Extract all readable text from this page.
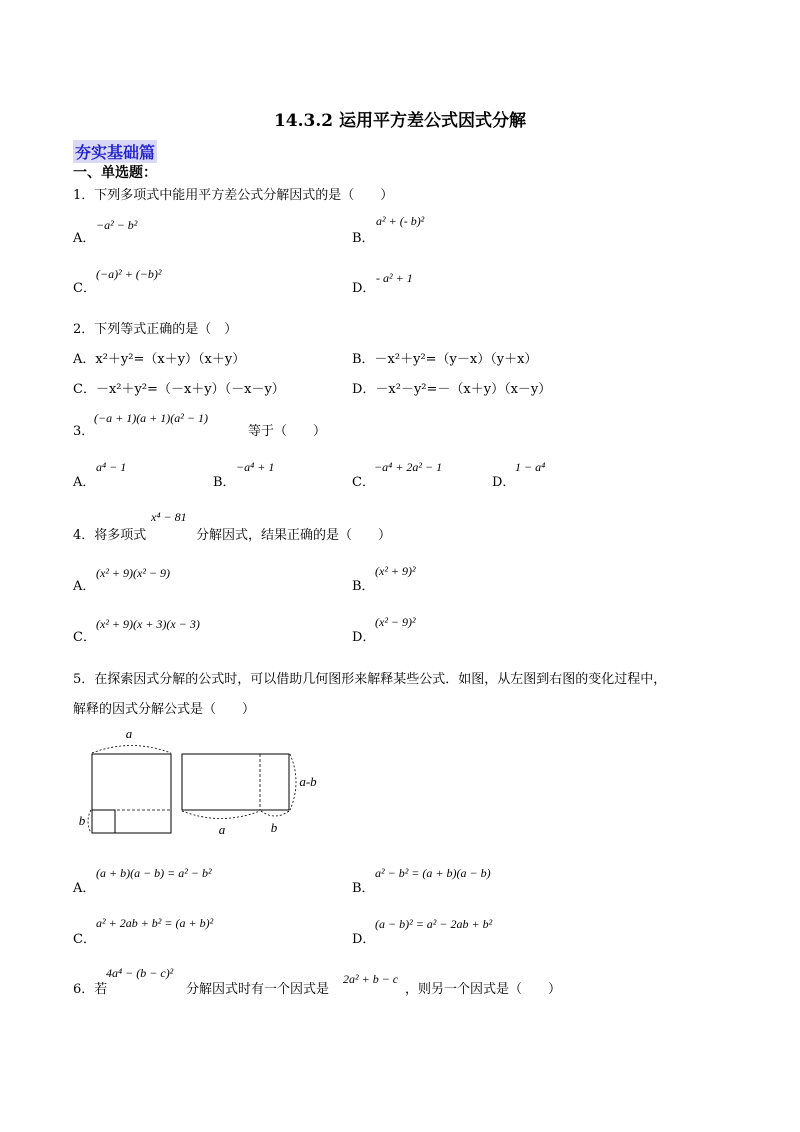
14.3.2 运用平方差公式因式分解
夯实基础篇
一、单选题：
1．下列多项式中能用平方差公式分解因式的是（　　）
A．
−a² − b²
B．
a² + (- b)²
C．
(−a)² + (−b)²
D．
- a² + 1
2．下列等式正确的是（　）
A．x²＋y²=（x＋y）（x＋y）	B．－x²＋y²=（y－x）（y＋x）
C．－x²＋y²=（－x＋y）（－x－y）	D．－x²－y²=－（x＋y）（x－y）
3．
(−a + 1)(a + 1)(a² − 1)
等于（　　）
A．
a⁴ − 1
B．
−a⁴ + 1
C．
−a⁴ + 2a² − 1
D．
1 − a⁴
4．将多项式
x⁴ − 81
分解因式，结果正确的是（　　）
A．
(x² + 9)(x² − 9)
B．
(x² + 9)²
C．
(x² + 9)(x + 3)(x − 3)
D．
(x² − 9)²
5．在探索因式分解的公式时，可以借助几何图形来解释某些公式．如图，从左图到右图的变化过程中，
解释的因式分解公式是（　　）
a
b
a-b
a	b
A．
(a + b)(a − b) = a² − b²
B．
a² − b² = (a + b)(a − b)
C．
a² + 2ab + b² = (a + b)²
D．
(a − b)² = a² − 2ab + b²
6．若
4a⁴ − (b − c)²
分解因式时有一个因式是
2a² + b − c
，则另一个因式是（　　）
